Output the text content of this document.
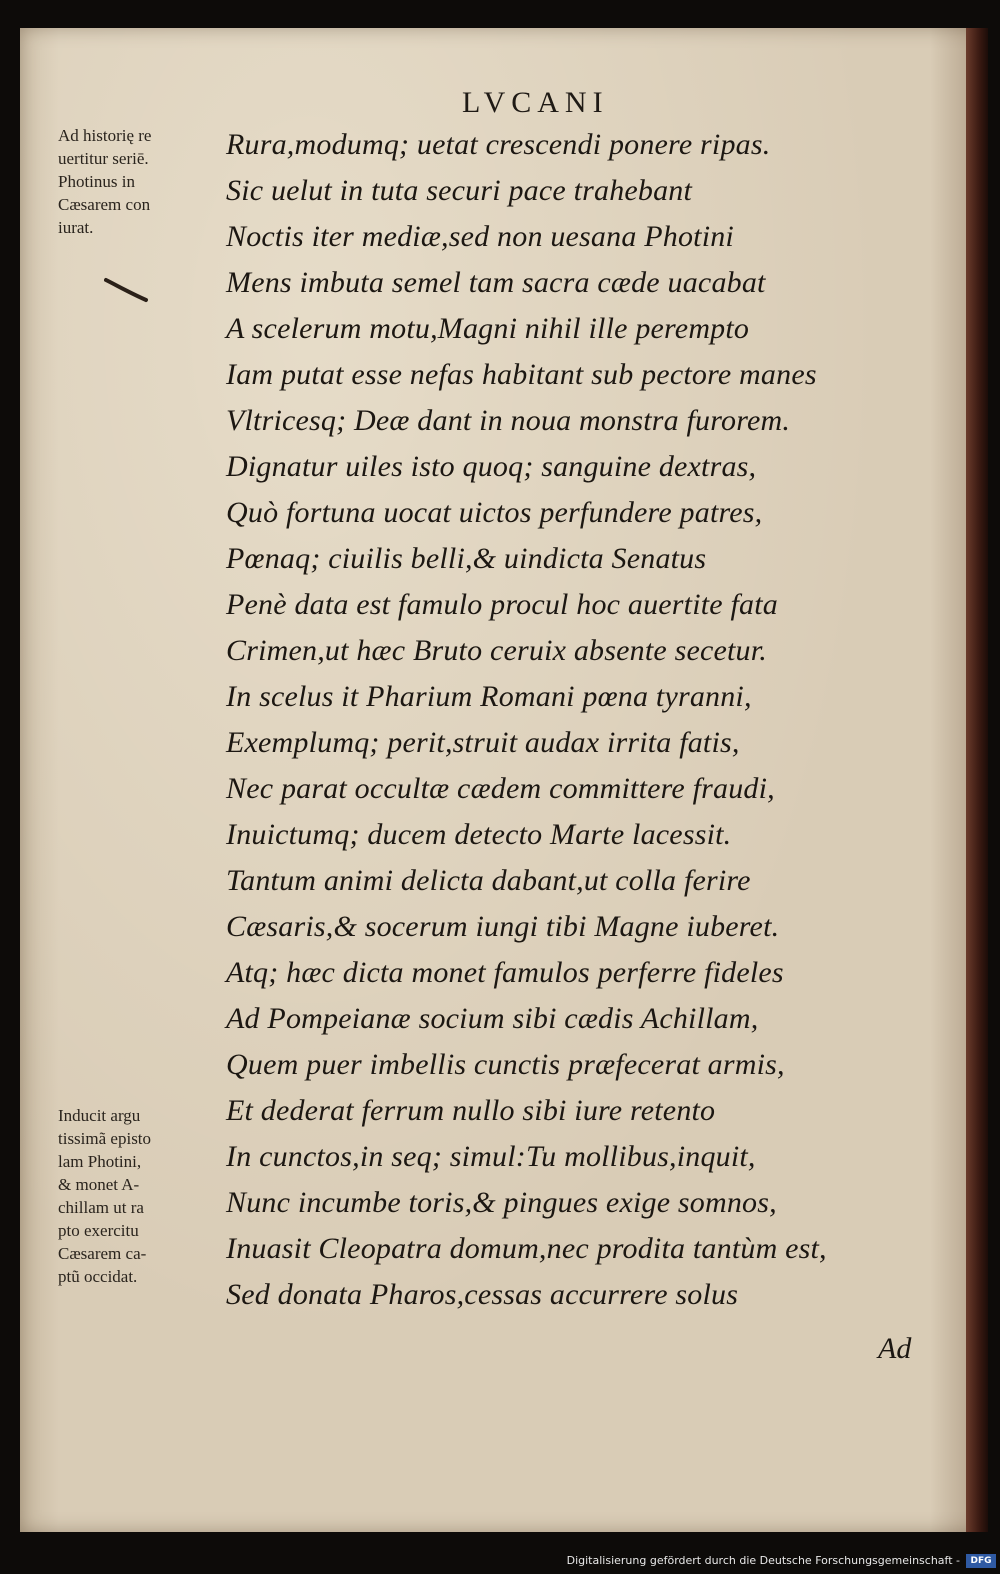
LVCANI
Ad historię re
uertitur seriē.
Photinus in
Cæsarem con
iurat.
Inducit argu
tissimã episto
lam Photini,
& monet A-
chillam ut ra
pto exercitu
Cæsarem ca-
ptũ occidat.
Rura,modumq; uetat crescendi ponere ripas.
Sic uelut in tuta securi pace trahebant
Noctis iter mediæ,sed non uesana Photini
Mens imbuta semel tam sacra cæde uacabat
A scelerum motu,Magni nihil ille perempto
Iam putat esse nefas habitant sub pectore manes
Vltricesq; Deæ dant in noua monstra furorem.
Dignatur uiles isto quoq; sanguine dextras,
Quò fortuna uocat uictos perfundere patres,
Pœnaq; ciuilis belli,& uindicta Senatus
Penè data est famulo procul hoc auertite fata
Crimen,ut hæc Bruto ceruix absente secetur.
In scelus it Pharium Romani pœna tyranni,
Exemplumq; perit,struit audax irrita fatis,
Nec parat occultæ cædem committere fraudi,
Inuictumq; ducem detecto Marte lacessit.
Tantum animi delicta dabant,ut colla ferire
Cæsaris,& socerum iungi tibi Magne iuberet.
Atq; hæc dicta monet famulos perferre fideles
Ad Pompeianæ socium sibi cædis Achillam,
Quem puer imbellis cunctis præfecerat armis,
Et dederat ferrum nullo sibi iure retento
In cunctos,in seq; simul:Tu mollibus,inquit,
Nunc incumbe toris,& pingues exige somnos,
Inuasit Cleopatra domum,nec prodita tantùm est,
Sed donata Pharos,cessas accurrere solus
Ad
Digitalisierung gefördert durch die Deutsche Forschungsgemeinschaft -	DFG
